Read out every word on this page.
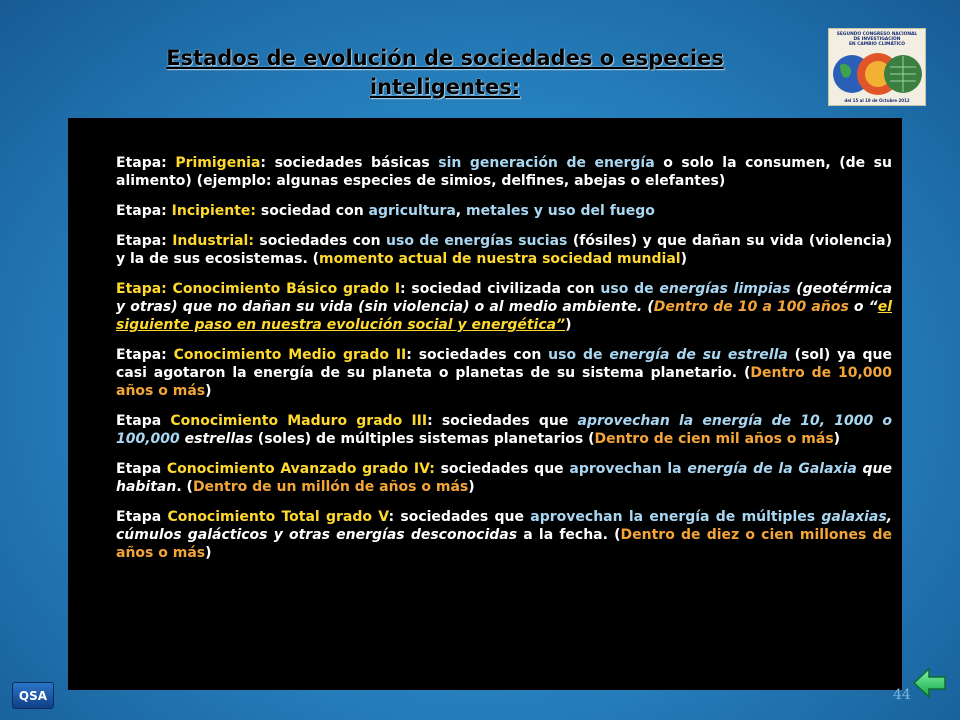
Estados de evolución de sociedades o especies inteligentes:
SEGUNDO CONGRESO NACIONAL
DE INVESTIGACIÓN
EN CAMBIO CLIMÁTICO
del 15 al 19 de Octubre 2012

Etapa: Primigenia: sociedades básicas sin generación de energía o solo la consumen, (de su alimento) (ejemplo: algunas especies de simios, delfines, abejas o elefantes)

Etapa: Incipiente: sociedad con agricultura, metales y uso del fuego

Etapa: Industrial: sociedades con uso de energías sucias (fósiles) y que dañan su vida (violencia) y la de sus ecosistemas. (momento actual de nuestra sociedad mundial)

Etapa: Conocimiento Básico grado I: sociedad civilizada con uso de energías limpias (geotérmica y otras) que no dañan su vida (sin violencia) o al medio ambiente. (Dentro de 10 a 100 años o “el siguiente paso en nuestra evolución social y energética”)

Etapa: Conocimiento Medio grado II: sociedades con uso de energía de su estrella (sol) ya que casi agotaron la energía de su planeta o planetas de su sistema planetario. (Dentro de 10,000 años o más)

Etapa Conocimiento Maduro grado III: sociedades que aprovechan la energía de 10, 1000 o 100,000 estrellas (soles) de múltiples sistemas planetarios (Dentro de cien mil años o más)

Etapa Conocimiento Avanzado grado IV: sociedades que aprovechan la energía de la Galaxia que habitan. (Dentro de un millón de años o más)

Etapa Conocimiento Total grado V: sociedades que aprovechan la energía de múltiples galaxias, cúmulos galácticos y otras energías desconocidas a la fecha. (Dentro de diez o cien millones de años o más)

QSA	44
